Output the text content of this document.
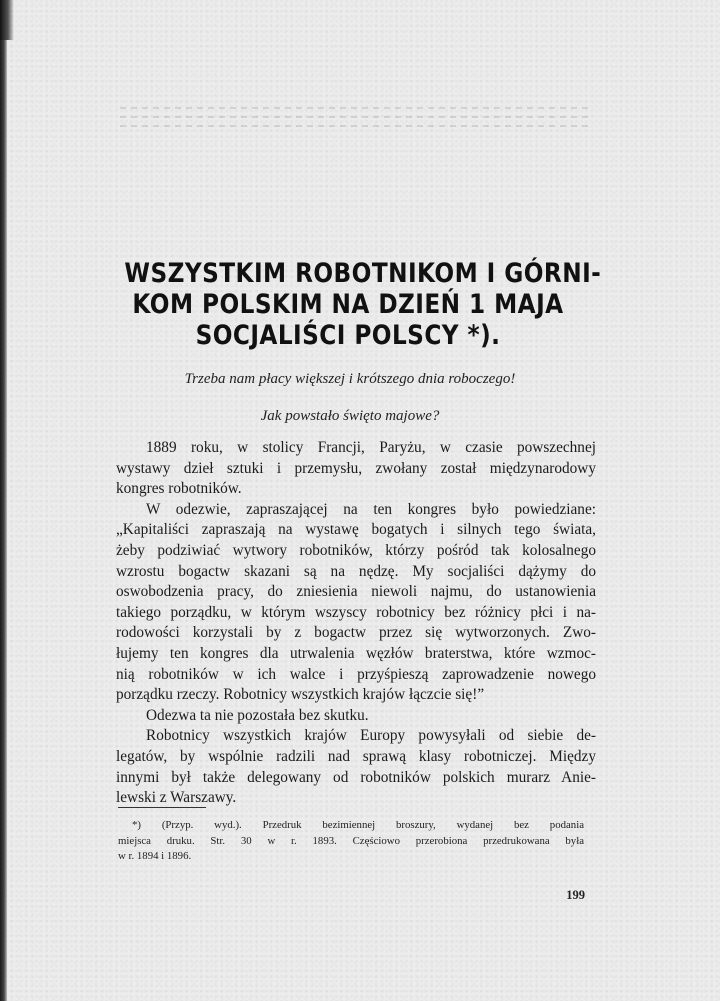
WSZYSTKIM ROBOTNIKOM I GÓRNI-
KOM POLSKIM NA DZIEŃ 1 MAJA
SOCJALIŚCI POLSCY *).
Trzeba nam płacy większej i krótszego dnia roboczego!
Jak powstało święto majowe?
1889 roku, w stolicy Francji, Paryżu, w czasie powszechnej
wystawy dzieł sztuki i przemysłu, zwołany został międzynarodowy
kongres robotników.
W odezwie, zapraszającej na ten kongres było powiedziane:
„Kapitaliści zapraszają na wystawę bogatych i silnych tego świata,
żeby podziwiać wytwory robotników, którzy pośród tak kolosalnego
wzrostu bogactw skazani są na nędzę. My socjaliści dążymy do
oswobodzenia pracy, do zniesienia niewoli najmu, do ustanowienia
takiego porządku, w którym wszyscy robotnicy bez różnicy płci i na-
rodowości korzystali by z bogactw przez się wytworzonych. Zwo-
łujemy ten kongres dla utrwalenia węzłów braterstwa, które wzmoc-
nią robotników w ich walce i przyśpieszą zaprowadzenie nowego
porządku rzeczy. Robotnicy wszystkich krajów łączcie się!”
Odezwa ta nie pozostała bez skutku.
Robotnicy wszystkich krajów Europy powysyłali od siebie de-
legatów, by wspólnie radzili nad sprawą klasy robotniczej. Między
innymi był także delegowany od robotników polskich murarz Anie-
lewski z Warszawy.
*) (Przyp. wyd.). Przedruk bezimiennej broszury, wydanej bez podania
miejsca druku. Str. 30 w r. 1893. Częściowo przerobiona przedrukowana była
w r. 1894 i 1896.
199
